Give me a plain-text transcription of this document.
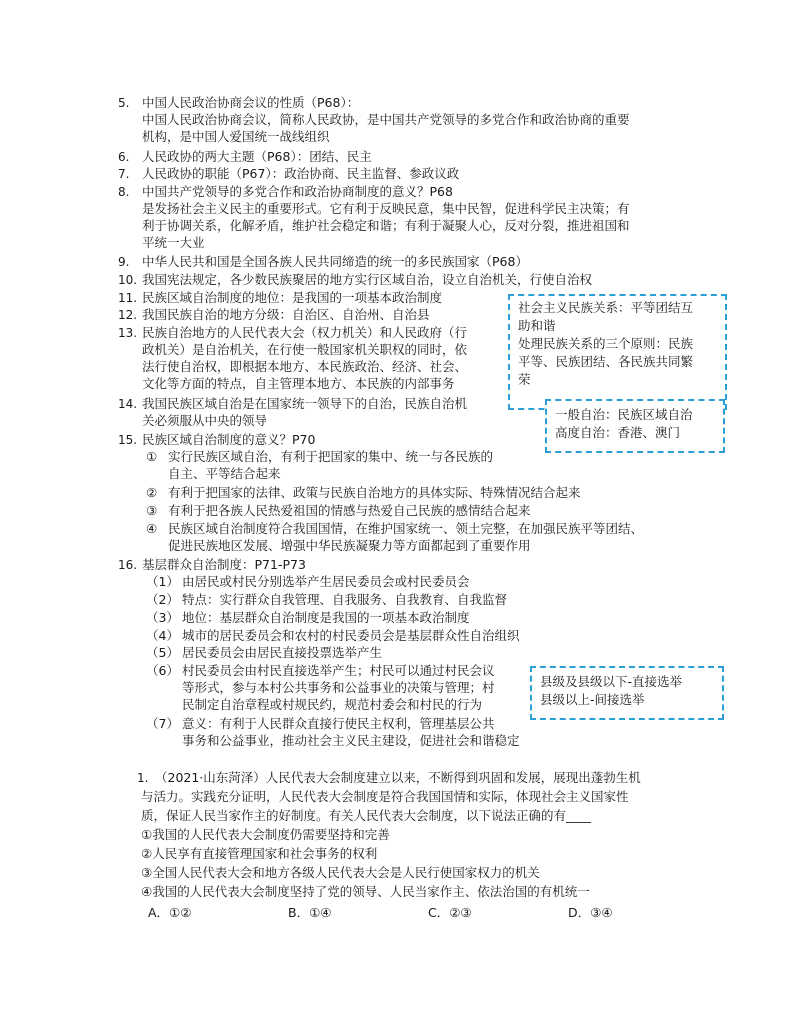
5. 中国人民政治协商会议的性质（P68）：
中国人民政治协商会议，简称人民政协，是中国共产党领导的多党合作和政治协商的重要
机构，是中国人爱国统一战线组织
6. 人民政协的两大主题（P68）：团结、民主
7. 人民政协的职能（P67）：政治协商、民主监督、参政议政
8. 中国共产党领导的多党合作和政治协商制度的意义？P68
是发扬社会主义民主的重要形式。它有利于反映民意，集中民智，促进科学民主决策；有
利于协调关系，化解矛盾，维护社会稳定和谐；有利于凝聚人心，反对分裂，推进祖国和
平统一大业
9. 中华人民共和国是全国各族人民共同缔造的统一的多民族国家（P68）
10. 我国宪法规定，各少数民族聚居的地方实行区域自治，设立自治机关，行使自治权
11. 民族区域自治制度的地位：是我国的一项基本政治制度
12. 我国民族自治的地方分级：自治区、自治州、自治县
13. 民族自治地方的人民代表大会（权力机关）和人民政府（行
政机关）是自治机关，在行使一般国家机关职权的同时，依
法行使自治权，即根据本地方、本民族政治、经济、社会、
文化等方面的特点，自主管理本地方、本民族的内部事务
14. 我国民族区域自治是在国家统一领导下的自治，民族自治机
关必须服从中央的领导
15. 民族区域自治制度的意义？P70
① 实行民族区域自治，有利于把国家的集中、统一与各民族的
自主、平等结合起来
② 有利于把国家的法律、政策与民族自治地方的具体实际、特殊情况结合起来
③ 有利于把各族人民热爱祖国的情感与热爱自己民族的感情结合起来
④ 民族区域自治制度符合我国国情，在维护国家统一、领土完整，在加强民族平等团结、
促进民族地区发展、增强中华民族凝聚力等方面都起到了重要作用
16. 基层群众自治制度：P71-P73
（1） 由居民或村民分别选举产生居民委员会或村民委员会
（2） 特点：实行群众自我管理、自我服务、自我教育、自我监督
（3） 地位：基层群众自治制度是我国的一项基本政治制度
（4） 城市的居民委员会和农村的村民委员会是基层群众性自治组织
（5） 居民委员会由居民直接投票选举产生
（6） 村民委员会由村民直接选举产生；村民可以通过村民会议
等形式，参与本村公共事务和公益事业的决策与管理；村
民制定自治章程或村规民约，规范村委会和村民的行为
（7） 意义：有利于人民群众直接行使民主权利，管理基层公共
事务和公益事业，推动社会主义民主建设，促进社会和谐稳定
社会主义民族关系：平等团结互
助和谐
处理民族关系的三个原则：民族
平等、民族团结、各民族共同繁
荣
一般自治：民族区域自治
高度自治：香港、澳门
县级及县级以下-直接选举
县级以上-间接选举
1. （2021·山东菏泽）人民代表大会制度建立以来，不断得到巩固和发展，展现出蓬勃生机
与活力。实践充分证明，人民代表大会制度是符合我国国情和实际，体现社会主义国家性
质，保证人民当家作主的好制度。有关人民代表大会制度，以下说法正确的有____
①我国的人民代表大会制度仍需要坚持和完善
②人民享有直接管理国家和社会事务的权利
③全国人民代表大会和地方各级人民代表大会是人民行使国家权力的机关
④我国的人民代表大会制度坚持了党的领导、人民当家作主、依法治国的有机统一
A．①②	B．①④	C．②③	D．③④
